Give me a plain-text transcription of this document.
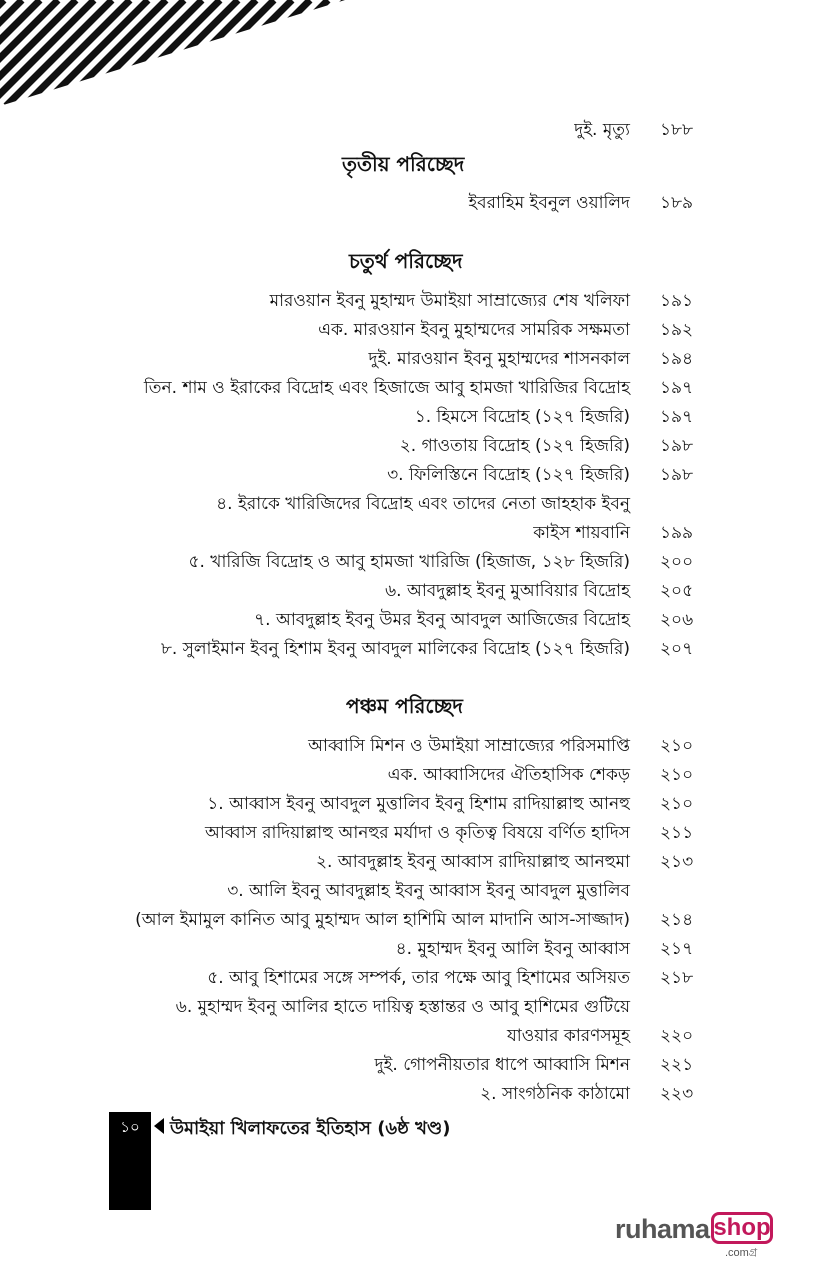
দুই. মৃত্যু ১৮৮
তৃতীয় পরিচ্ছেদ
ইবরাহিম ইবনুল ওয়ালিদ ১৮৯
চতুর্থ পরিচ্ছেদ
মারওয়ান ইবনু মুহাম্মদ উমাইয়া সাম্রাজ্যের শেষ খলিফা ১৯১
এক. মারওয়ান ইবনু মুহাম্মদের সামরিক সক্ষমতা ১৯২
দুই. মারওয়ান ইবনু মুহাম্মদের শাসনকাল ১৯৪
তিন. শাম ও ইরাকের বিদ্রোহ এবং হিজাজে আবু হামজা খারিজির বিদ্রোহ ১৯৭
১. হিমসে বিদ্রোহ (১২৭ হিজরি) ১৯৭
২. গাওতায় বিদ্রোহ (১২৭ হিজরি) ১৯৮
৩. ফিলিস্তিনে বিদ্রোহ (১২৭ হিজরি) ১৯৮
৪. ইরাকে খারিজিদের বিদ্রোহ এবং তাদের নেতা জাহহাক ইবনু
কাইস শায়বানি ১৯৯
৫. খারিজি বিদ্রোহ ও আবু হামজা খারিজি (হিজাজ, ১২৮ হিজরি) ২০০
৬. আবদুল্লাহ ইবনু মুআবিয়ার বিদ্রোহ ২০৫
৭. আবদুল্লাহ ইবনু উমর ইবনু আবদুল আজিজের বিদ্রোহ ২০৬
৮. সুলাইমান ইবনু হিশাম ইবনু আবদুল মালিকের বিদ্রোহ (১২৭ হিজরি) ২০৭
পঞ্চম পরিচ্ছেদ
আব্বাসি মিশন ও উমাইয়া সাম্রাজ্যের পরিসমাপ্তি ২১০
এক. আব্বাসিদের ঐতিহাসিক শেকড় ২১০
১. আব্বাস ইবনু আবদুল মুত্তালিব ইবনু হিশাম রাদিয়াল্লাহু আনহু ২১০
আব্বাস রাদিয়াল্লাহু আনহুর মর্যাদা ও কৃতিত্ব বিষয়ে বর্ণিত হাদিস ২১১
২. আবদুল্লাহ ইবনু আব্বাস রাদিয়াল্লাহু আনহুমা ২১৩
৩. আলি ইবনু আবদুল্লাহ ইবনু আব্বাস ইবনু আবদুল মুত্তালিব
(আল ইমামুল কানিত আবু মুহাম্মদ আল হাশিমি আল মাদানি আস-সাজ্জাদ) ২১৪
৪. মুহাম্মদ ইবনু আলি ইবনু আব্বাস ২১৭
৫. আবু হিশামের সঙ্গে সম্পর্ক, তার পক্ষে আবু হিশামের অসিয়ত ২১৮
৬. মুহাম্মদ ইবনু আলির হাতে দায়িত্ব হস্তান্তর ও আবু হাশিমের গুটিয়ে
যাওয়ার কারণসমূহ ২২০
দুই. গোপনীয়তার ধাপে আব্বাসি মিশন ২২১
২. সাংগঠনিক কাঠামো ২২৩
১০	উমাইয়া খিলাফতের ইতিহাস (৬ষ্ঠ খণ্ড)
ruhama shop
.comগ্র
